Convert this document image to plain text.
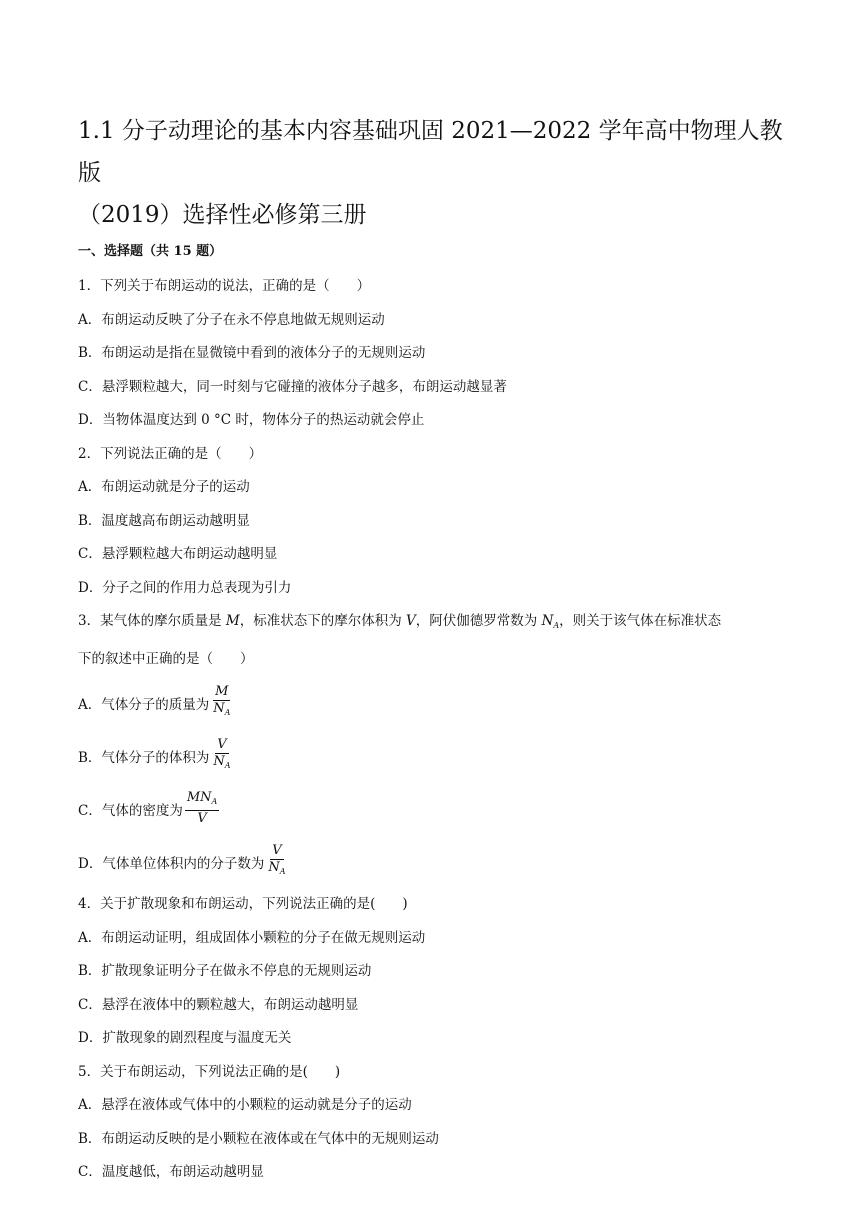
1.1 分子动理论的基本内容基础巩固 2021—2022 学年高中物理人教版
（2019）选择性必修第三册

一、选择题（共 15 题）

1．下列关于布朗运动的说法，正确的是（　　）

A．布朗运动反映了分子在永不停息地做无规则运动

B．布朗运动是指在显微镜中看到的液体分子的无规则运动

C．悬浮颗粒越大，同一时刻与它碰撞的液体分子越多，布朗运动越显著

D．当物体温度达到 0 °C 时，物体分子的热运动就会停止

2．下列说法正确的是（　　）

A．布朗运动就是分子的运动

B．温度越高布朗运动越明显

C．悬浮颗粒越大布朗运动越明显

D．分子之间的作用力总表现为引力

3．某气体的摩尔质量是 M，标准状态下的摩尔体积为 V，阿伏伽德罗常数为 $N_A$，则关于该气体在标准状态
下的叙述中正确的是（　　）

A．气体分子的质量为 $\frac{M}{N_A}$
B．气体分子的体积为 $\frac{V}{N_A}$
C．气体的密度为 $\frac{MN_A}{V}$
D．气体单位体积内的分子数为 $\frac{V}{N_A}$

4．关于扩散现象和布朗运动，下列说法正确的是(　　)

A．布朗运动证明，组成固体小颗粒的分子在做无规则运动

B．扩散现象证明分子在做永不停息的无规则运动

C．悬浮在液体中的颗粒越大，布朗运动越明显

D．扩散现象的剧烈程度与温度无关

5．关于布朗运动，下列说法正确的是(　　)

A．悬浮在液体或气体中的小颗粒的运动就是分子的运动

B．布朗运动反映的是小颗粒在液体或在气体中的无规则运动

C．温度越低，布朗运动越明显
